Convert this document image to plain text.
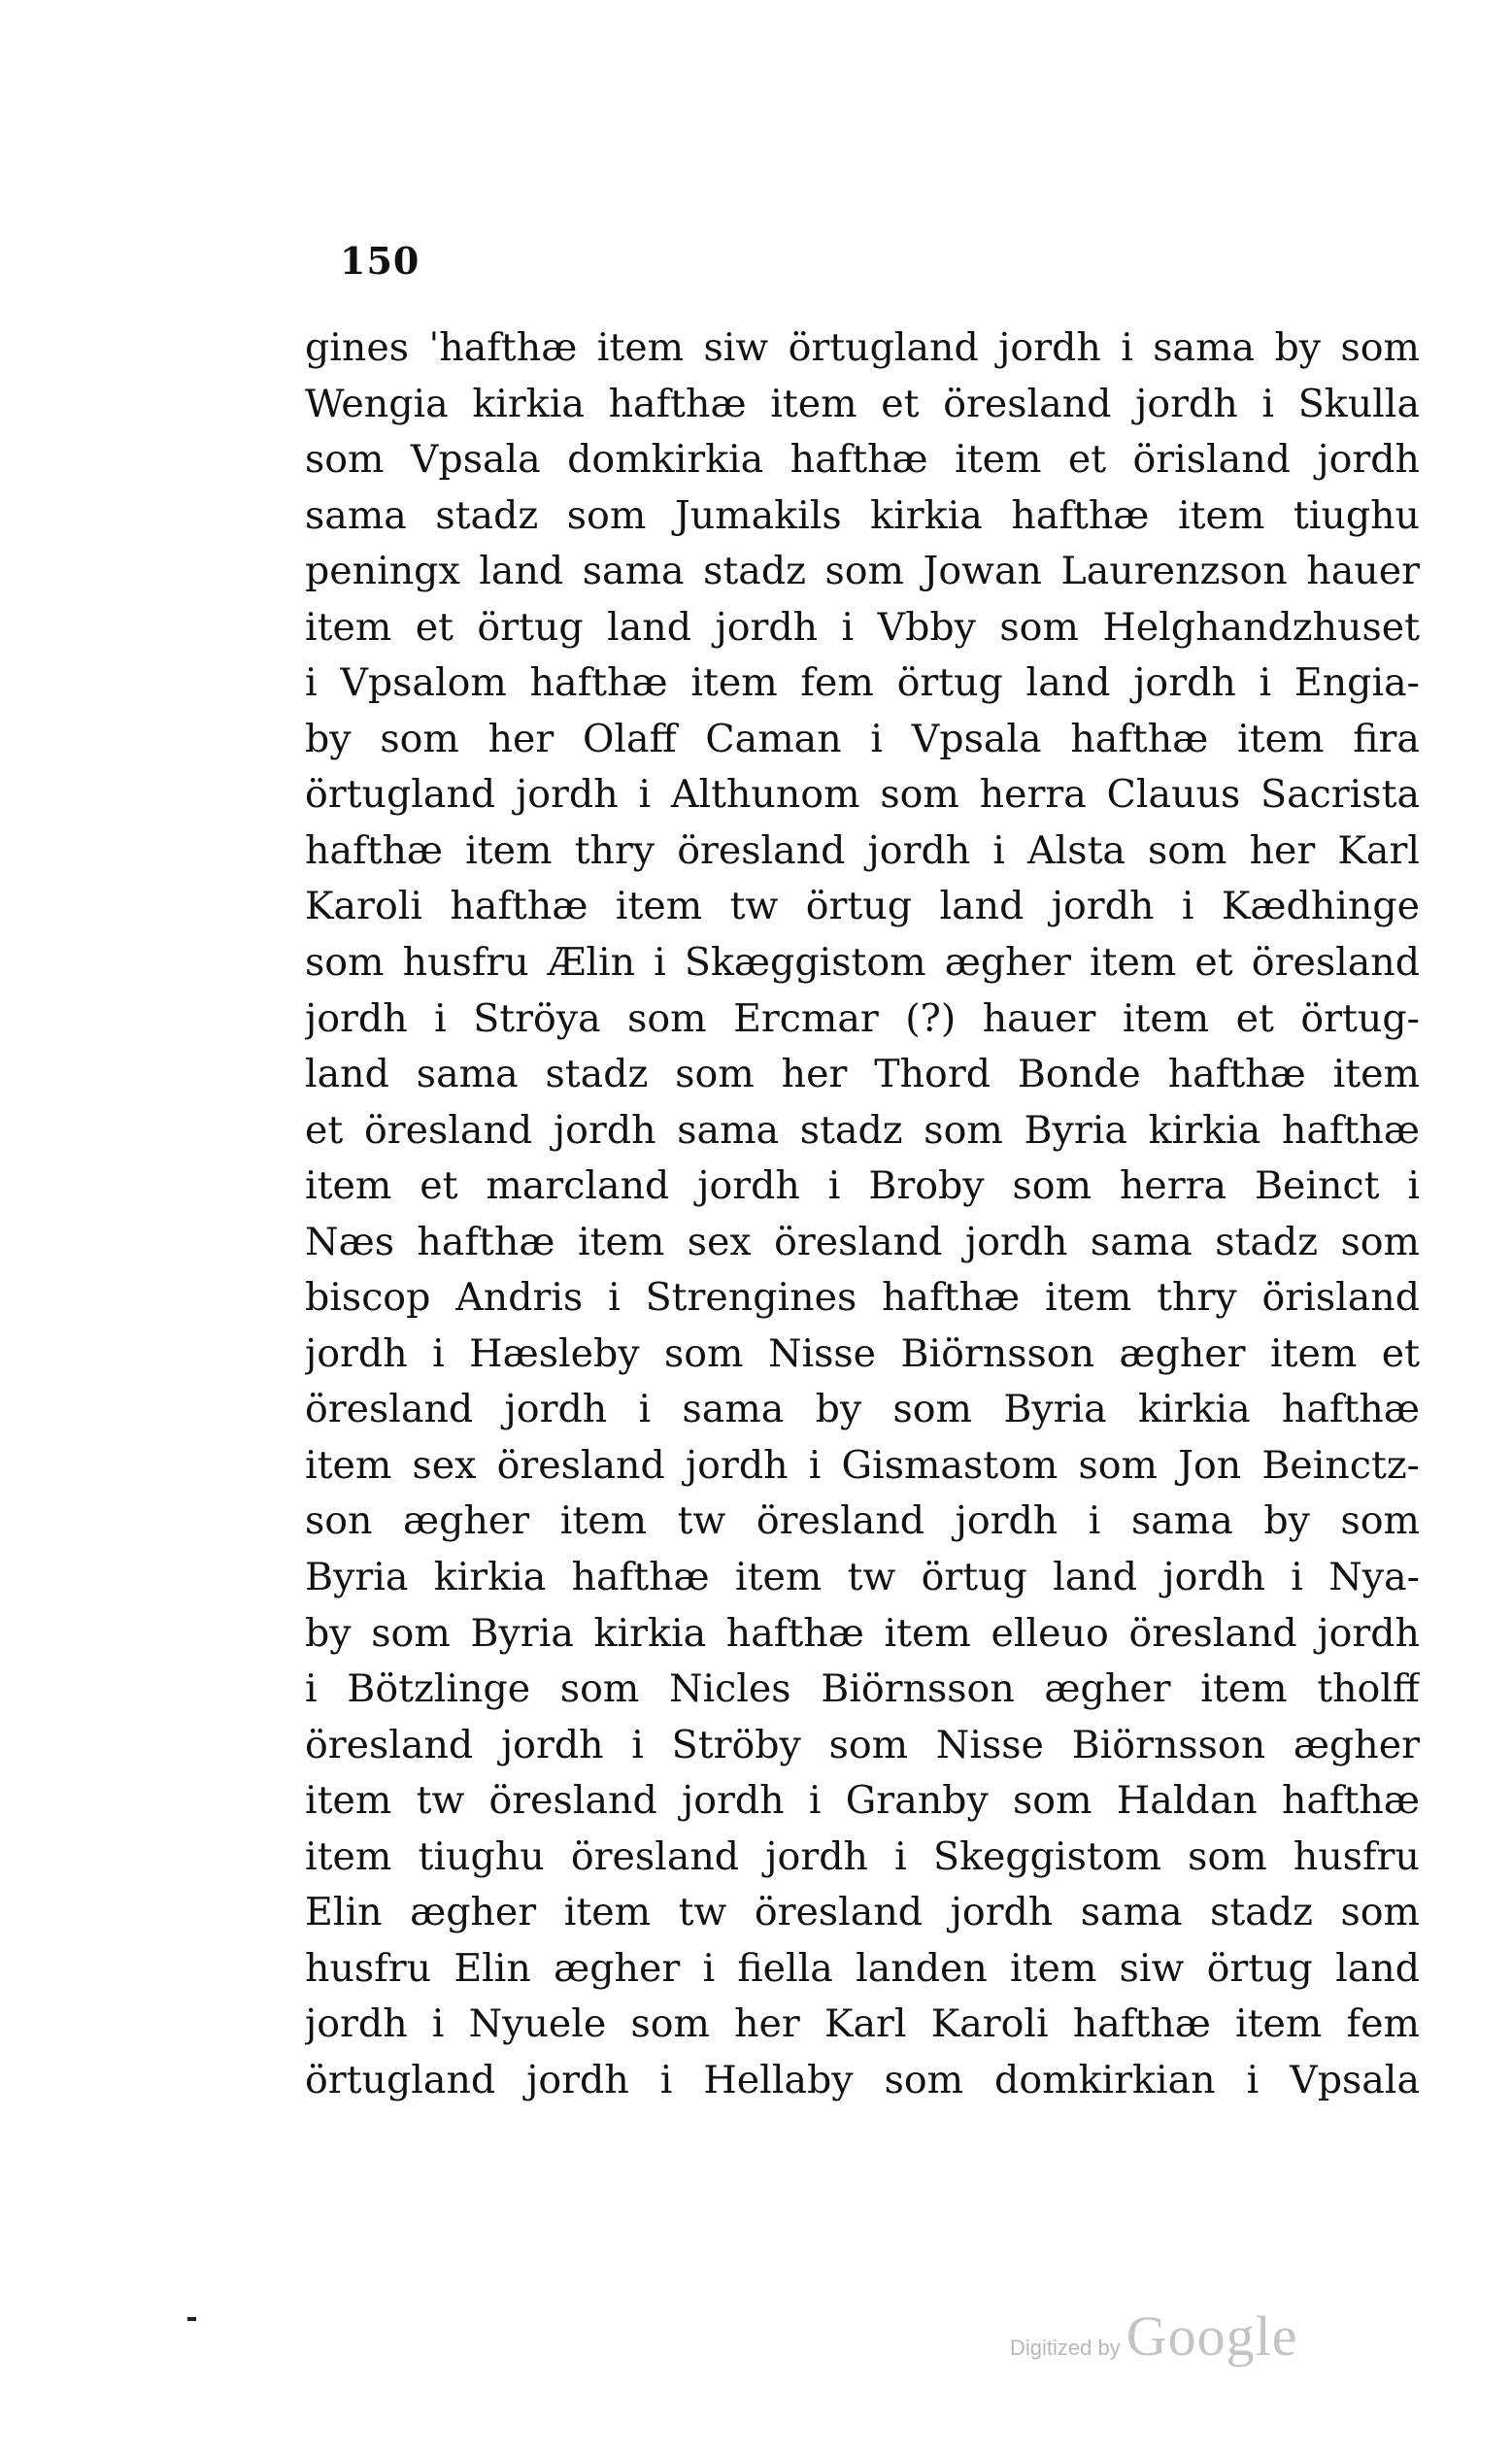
150
gines ˈhafthæ item siw örtugland jordh i sama by som
Wengia kirkia hafthæ item et öresland jordh i Skulla
som Vpsala domkirkia hafthæ item et örisland jordh
sama stadz som Jumakils kirkia hafthæ item tiughu
peningx land sama stadz som Jowan Laurenzson hauer
item et örtug land jordh i Vbby som Helghandzhuset
i Vpsalom hafthæ item fem örtug land jordh i Engia-
by som her Olaff Caman i Vpsala hafthæ item fira
örtugland jordh i Althunom som herra Clauus Sacrista
hafthæ item thry öresland jordh i Alsta som her Karl
Karoli hafthæ item tw örtug land jordh i Kædhinge
som husfru Ælin i Skæggistom ægher item et öresland
jordh i Ströya som Ercmar (?) hauer item et örtug-
land sama stadz som her Thord Bonde hafthæ item
et öresland jordh sama stadz som Byria kirkia hafthæ
item et marcland jordh i Broby som herra Beinct i
Næs hafthæ item sex öresland jordh sama stadz som
biscop Andris i Strengines hafthæ item thry örisland
jordh i Hæsleby som Nisse Biörnsson ægher item et
öresland jordh i sama by som Byria kirkia hafthæ
item sex öresland jordh i Gismastom som Jon Beinctz-
son ægher item tw öresland jordh i sama by som
Byria kirkia hafthæ item tw örtug land jordh i Nya-
by som Byria kirkia hafthæ item elleuo öresland jordh
i Bötzlinge som Nicles Biörnsson ægher item tholff
öresland jordh i Ströby som Nisse Biörnsson ægher
item tw öresland jordh i Granby som Haldan hafthæ
item tiughu öresland jordh i Skeggistom som husfru
Elin ægher item tw öresland jordh sama stadz som
husfru Elin ægher i fiella landen item siw örtug land
jordh i Nyuele som her Karl Karoli hafthæ item fem
örtugland jordh i Hellaby som domkirkian i Vpsala
Digitized by Google
